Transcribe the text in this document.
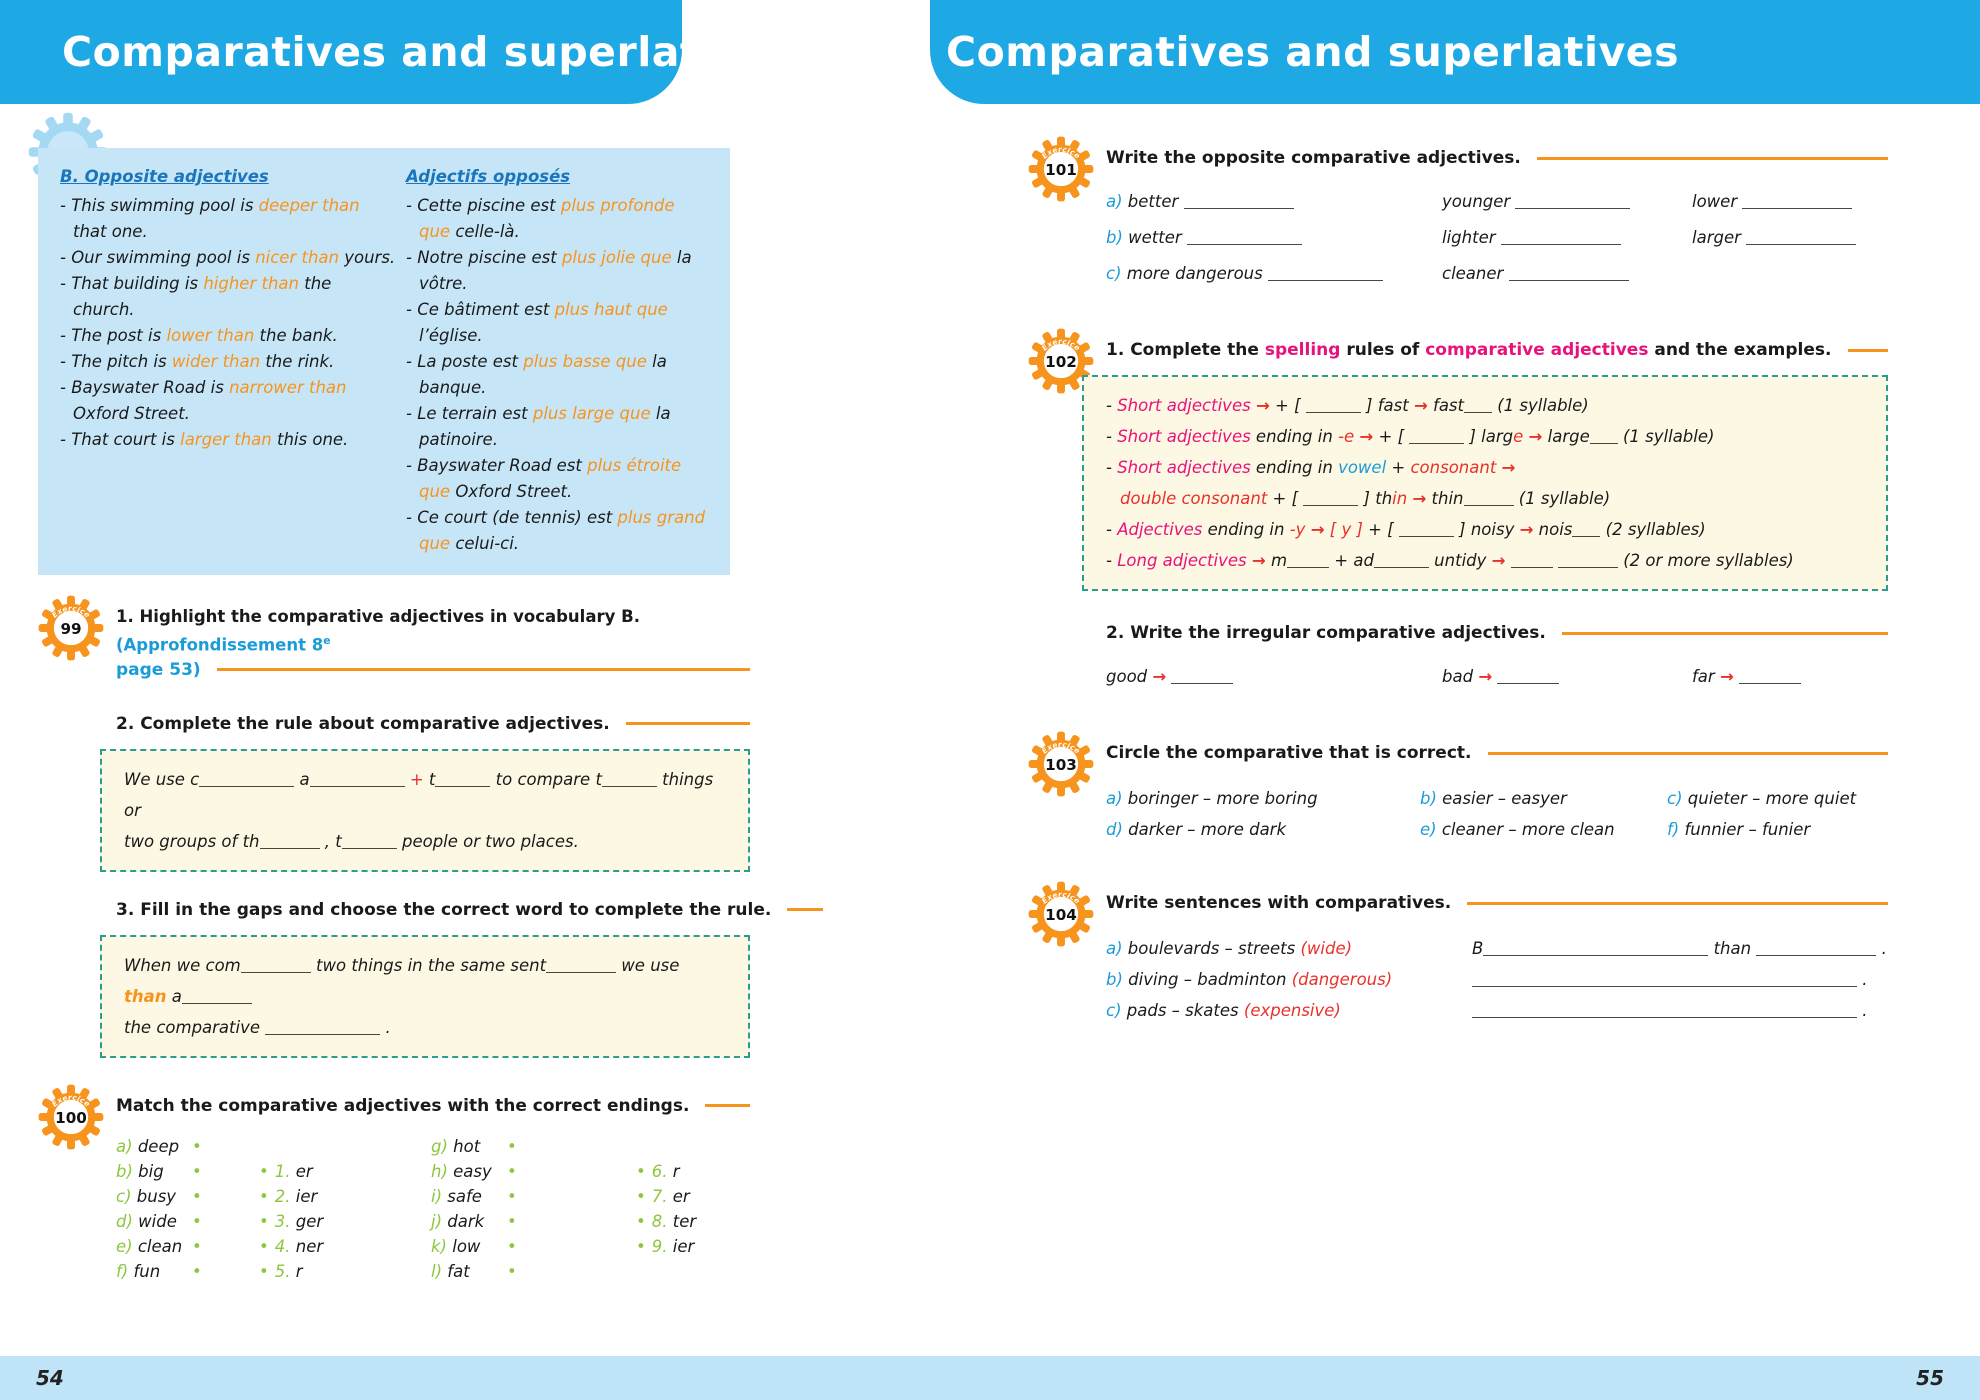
Comparatives and superlatives
B. Opposite adjectives
- This swimming pool is deeper than that one.
- Our swimming pool is nicer than yours.
- That building is higher than the church.
- The post is lower than the bank.
- The pitch is wider than the rink.
- Bayswater Road is narrower than Oxford Street.
- That court is larger than this one.
Adjectifs opposés
- Cette piscine est plus profonde que celle-là.
- Notre piscine est plus jolie que la vôtre.
- Ce bâtiment est plus haut que l’église.
- La poste est plus basse que la banque.
- Le terrain est plus large que la patinoire.
- Bayswater Road est plus étroite que Oxford Street.
- Ce court (de tennis) est plus grand que celui-ci.
Exercice
99
1. Highlight the comparative adjectives in vocabulary B. (Approfondissement 8e
page 53)
2. Complete the rule about comparative adjectives.
We use c	a	+ t	to compare t	things or
two groups of th	, t	people or two places.
3. Fill in the gaps and choose the correct word to complete the rule.
When we com	two things in the same sent	we use than a
the comparative	.
Exercice
100
Match the comparative adjectives with the correct endings.
a) deep •	g) hot •
b) big •	• 1. er	h) easy •	• 6. r
c) busy •	• 2. ier	i) safe •	• 7. er
d) wide •	• 3. ger	j) dark •	• 8. ter
e) clean •	• 4. ner	k) low •	• 9. ier
f) fun •	• 5. r	l) fat •
Comparatives and superlatives
Exercice
101
Write the opposite comparative adjectives.
a) better	younger	lower
b) wetter	lighter	larger
c) more dangerous	cleaner
Exercice
102
1. Complete the spelling rules of comparative adjectives and the examples.
- Short adjectives → + [	] fast → fast (1 syllable)
- Short adjectives ending in -e → + [	] large → large (1 syllable)
- Short adjectives ending in vowel + consonant →
double consonant + [	] thin → thin	(1 syllable)
- Adjectives ending in -y → [ y ] + [	] noisy → nois (2 syllables)
- Long adjectives → m	+ ad	untidy →	(2 or more syllables)
2. Write the irregular comparative adjectives.
good →	bad →	far →
Exercice
103
Circle the comparative that is correct.
a) boringer – more boring	b) easier – easyer	c) quieter – more quiet
d) darker – more dark	e) cleaner – more clean	f) funnier – funier
Exercice
104
Write sentences with comparatives.
a) boulevards – streets (wide)	B	than	.
b) diving – badminton (dangerous)	.
c) pads – skates (expensive)	.
54	55
